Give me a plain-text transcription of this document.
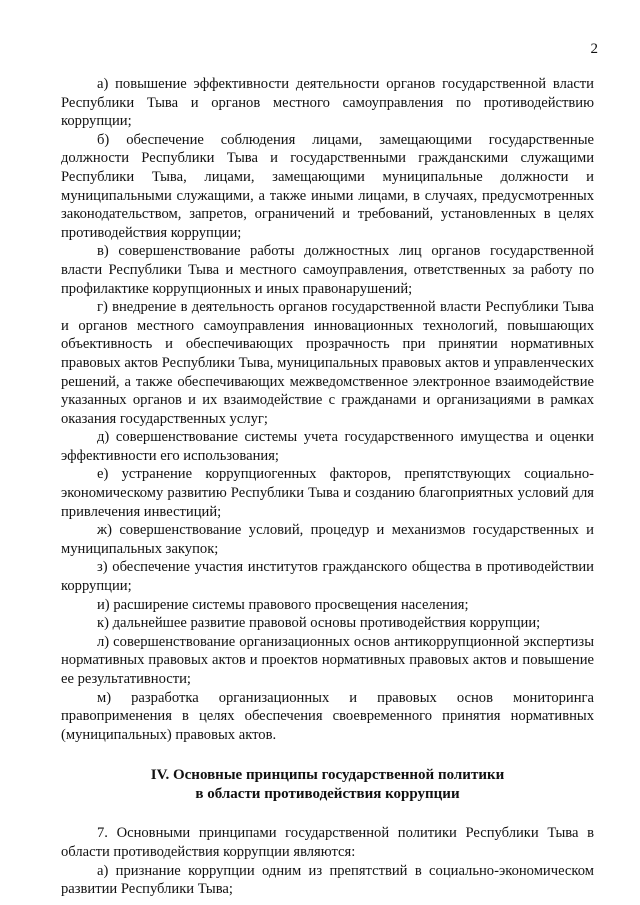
2

а) повышение эффективности деятельности органов государственной власти Республики Тыва и органов местного самоуправления по противодействию коррупции;

б) обеспечение соблюдения лицами, замещающими государственные должности Республики Тыва и государственными гражданскими служащими Республики Тыва, лицами, замещающими муниципальные должности и муниципальными служащими, а также иными лицами, в случаях, предусмотренных законодательством, запретов, ограничений и требований, установленных в целях противодействия коррупции;

в) совершенствование работы должностных лиц органов государственной власти Республики Тыва и местного самоуправления, ответственных за работу по профилактике коррупционных и иных правонарушений;

г) внедрение в деятельность органов государственной власти Республики Тыва и органов местного самоуправления инновационных технологий, повышающих объективность и обеспечивающих прозрачность при принятии нормативных правовых актов Республики Тыва, муниципальных правовых актов и управленческих решений, а также обеспечивающих межведомственное электронное взаимодействие указанных органов и их взаимодействие с гражданами и организациями в рамках оказания государственных услуг;

д) совершенствование системы учета государственного имущества и оценки эффективности его использования;

е) устранение коррупциогенных факторов, препятствующих социально-экономическому развитию Республики Тыва и созданию благоприятных условий для привлечения инвестиций;

ж) совершенствование условий, процедур и механизмов государственных и муниципальных закупок;

з) обеспечение участия институтов гражданского общества в противодействии коррупции;

и) расширение системы правового просвещения населения;

к) дальнейшее развитие правовой основы противодействия коррупции;

л) совершенствование организационных основ антикоррупционной экспертизы нормативных правовых актов и проектов нормативных правовых актов и повышение ее результативности;

м) разработка организационных и правовых основ мониторинга правоприменения в целях обеспечения своевременного принятия нормативных (муниципальных) правовых актов.

IV. Основные принципы государственной политики
в области противодействия коррупции

7. Основными принципами государственной политики Республики Тыва в области противодействия коррупции являются:

а) признание коррупции одним из препятствий в социально-экономическом развитии Республики Тыва;
